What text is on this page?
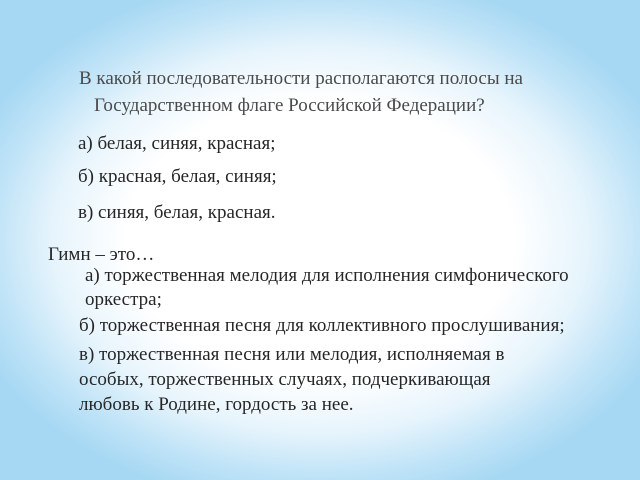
В какой последовательности располагаются полосы на

Государственном флаге Российской Федерации?

а) белая, синяя, красная;

б) красная, белая, синяя;

в) синяя, белая, красная.

Гимн – это…

а) торжественная мелодия для исполнения симфонического

оркестра;

б) торжественная песня для коллективного прослушивания;

в) торжественная песня или мелодия, исполняемая в

особых, торжественных случаях, подчеркивающая

любовь к Родине, гордость за нее.
